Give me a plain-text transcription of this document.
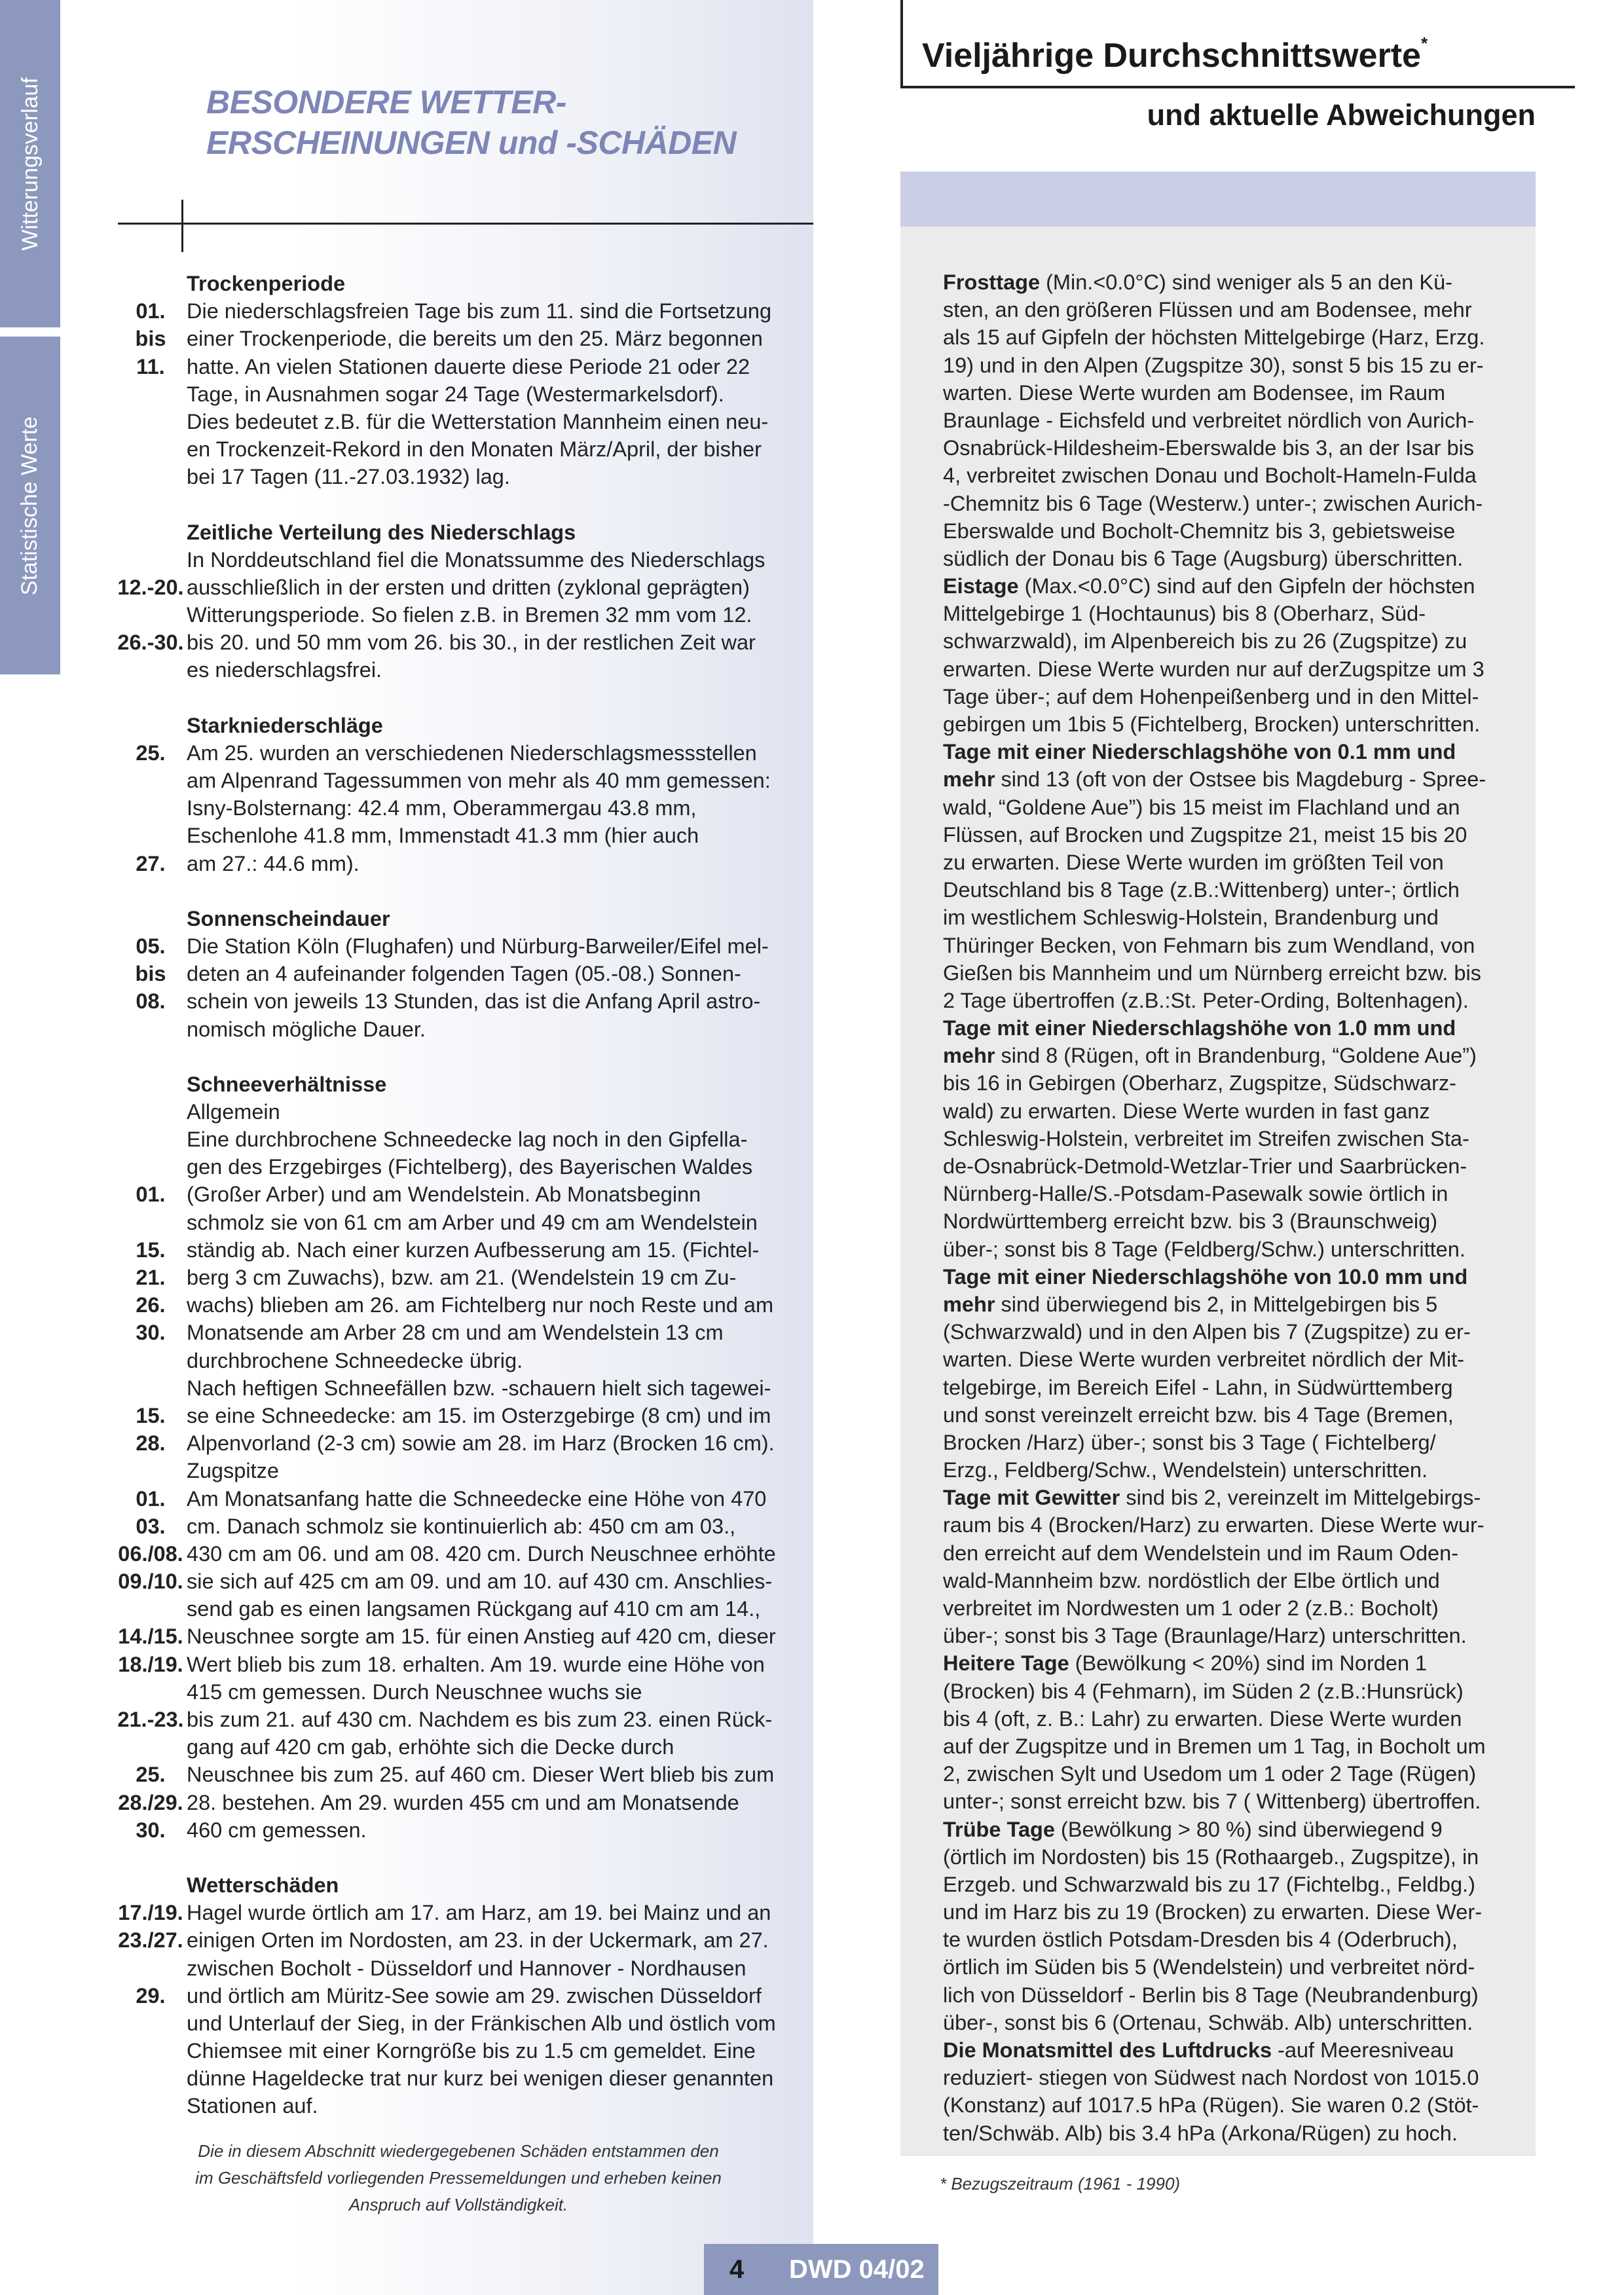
Witterungsverlauf
Statistische Werte
BESONDERE WETTER-
ERSCHEINUNGEN und -SCHÄDEN
Trockenperiode
01. Die niederschlagsfreien Tage bis zum 11. sind die Fortsetzung
bis einer Trockenperiode, die bereits um den 25. März begonnen
11.	hatte. An vielen Stationen dauerte diese Periode 21 oder 22
Tage, in Ausnahmen sogar 24 Tage (Westermarkelsdorf).
Dies bedeutet z.B. für die Wetterstation Mannheim einen neu-
en Trockenzeit-Rekord in den Monaten März/April, der bisher
bei 17 Tagen (11.-27.03.1932) lag.
Zeitliche Verteilung des Niederschlags
In Norddeutschland fiel die Monatssumme des Niederschlags
12.-20. ausschließlich in der ersten und dritten (zyklonal geprägten)
Witterungsperiode. So fielen z.B. in Bremen 32 mm vom 12.
26.-30. bis 20. und 50 mm vom 26. bis 30., in der restlichen Zeit war
es niederschlagsfrei.
Starkniederschläge
25. Am 25. wurden an verschiedenen Niederschlagsmessstellen
am Alpenrand Tagessummen von mehr als 40 mm gemessen:
Isny-Bolsternang: 42.4 mm, Oberammergau 43.8 mm,
Eschenlohe 41.8 mm, Immenstadt 41.3 mm (hier auch
27. am 27.: 44.6 mm).
Sonnenscheindauer
05. Die Station Köln (Flughafen) und Nürburg-Barweiler/Eifel mel-
bis deten an 4 aufeinander folgenden Tagen (05.-08.) Sonnen-
08. schein von jeweils 13 Stunden, das ist die Anfang April astro-
nomisch mögliche Dauer.
Schneeverhältnisse
Allgemein
Eine durchbrochene Schneedecke lag noch in den Gipfella-
gen des Erzgebirges (Fichtelberg), des Bayerischen Waldes
01. (Großer Arber) und am Wendelstein. Ab Monatsbeginn
schmolz sie von 61 cm am Arber und 49 cm am Wendelstein
15. ständig ab. Nach einer kurzen Aufbesserung am 15. (Fichtel-
21. berg 3 cm Zuwachs), bzw. am 21. (Wendelstein 19 cm Zu-
26. wachs) blieben am 26. am Fichtelberg nur noch Reste und am
30. Monatsende am Arber 28 cm und am Wendelstein 13 cm
durchbrochene Schneedecke übrig.
Nach heftigen Schneefällen bzw. -schauern hielt sich tagewei-
15. se eine Schneedecke: am 15. im Osterzgebirge (8 cm) und im
28. Alpenvorland (2-3 cm) sowie am 28. im Harz (Brocken 16 cm).
Zugspitze
01. Am Monatsanfang hatte die Schneedecke eine Höhe von 470
03. cm. Danach schmolz sie kontinuierlich ab: 450 cm am 03.,
06./08. 430 cm am 06. und am 08. 420 cm. Durch Neuschnee erhöhte
09./10. sie sich auf 425 cm am 09. und am 10. auf 430 cm. Anschlies-
send gab es einen langsamen Rückgang auf 410 cm am 14.,
14./15. Neuschnee sorgte am 15. für einen Anstieg auf 420 cm, dieser
18./19. Wert blieb bis zum 18. erhalten. Am 19. wurde eine Höhe von
415 cm gemessen. Durch Neuschnee wuchs sie
21.-23. bis zum 21. auf 430 cm. Nachdem es bis zum 23. einen Rück-
gang auf 420 cm gab, erhöhte sich die Decke durch
25. Neuschnee bis zum 25. auf 460 cm. Dieser Wert blieb bis zum
28./29. 28. bestehen. Am 29. wurden 455 cm und am Monatsende
30. 460 cm gemessen.
Wetterschäden
17./19. Hagel wurde örtlich am 17. am Harz, am 19. bei Mainz und an
23./27. einigen Orten im Nordosten, am 23. in der Uckermark, am 27.
zwischen Bocholt - Düsseldorf und Hannover - Nordhausen
29. und örtlich am Müritz-See sowie am 29. zwischen Düsseldorf
und Unterlauf der Sieg, in der Fränkischen Alb und östlich vom
Chiemsee mit einer Korngröße bis zu 1.5 cm gemeldet. Eine
dünne Hageldecke trat nur kurz bei wenigen dieser genannten
Stationen auf.
Die in diesem Abschnitt wiedergegebenen Schäden entstammen den
im Geschäftsfeld vorliegenden Pressemeldungen und erheben keinen
Anspruch auf Vollständigkeit.
4	DWD 04/02
Vieljährige Durchschnittswerte*
und aktuelle Abweichungen
Frosttage (Min.<0.0°C) sind weniger als 5 an den Kü-
sten, an den größeren Flüssen und am Bodensee, mehr
als 15 auf Gipfeln der höchsten Mittelgebirge (Harz, Erzg.
19) und in den Alpen (Zugspitze 30), sonst 5 bis 15 zu er-
warten. Diese Werte wurden am Bodensee, im Raum
Braunlage - Eichsfeld und verbreitet nördlich von Aurich-
Osnabrück-Hildesheim-Eberswalde bis 3, an der Isar bis
4, verbreitet zwischen Donau und Bocholt-Hameln-Fulda
-Chemnitz bis 6 Tage (Westerw.) unter-; zwischen Aurich-
Eberswalde und Bocholt-Chemnitz bis 3, gebietsweise
südlich der Donau bis 6 Tage (Augsburg) überschritten.
Eistage (Max.<0.0°C) sind auf den Gipfeln der höchsten
Mittelgebirge 1 (Hochtaunus) bis 8 (Oberharz, Süd-
schwarzwald), im Alpenbereich bis zu 26 (Zugspitze) zu
erwarten. Diese Werte wurden nur auf derZugspitze um 3
Tage über-; auf dem Hohenpeißenberg und in den Mittel-
gebirgen um 1bis 5 (Fichtelberg, Brocken) unterschritten.
Tage mit einer Niederschlagshöhe von 0.1 mm und
mehr sind 13 (oft von der Ostsee bis Magdeburg - Spree-
wald, “Goldene Aue”) bis 15 meist im Flachland und an
Flüssen, auf Brocken und Zugspitze 21, meist 15 bis 20
zu erwarten. Diese Werte wurden im größten Teil von
Deutschland bis 8 Tage (z.B.:Wittenberg) unter-; örtlich
im westlichem Schleswig-Holstein, Brandenburg und
Thüringer Becken, von Fehmarn bis zum Wendland, von
Gießen bis Mannheim und um Nürnberg erreicht bzw. bis
2 Tage übertroffen (z.B.:St. Peter-Ording, Boltenhagen).
Tage mit einer Niederschlagshöhe von 1.0 mm und
mehr sind 8 (Rügen, oft in Brandenburg, “Goldene Aue”)
bis 16 in Gebirgen (Oberharz, Zugspitze, Südschwarz-
wald) zu erwarten. Diese Werte wurden in fast ganz
Schleswig-Holstein, verbreitet im Streifen zwischen Sta-
de-Osnabrück-Detmold-Wetzlar-Trier und Saarbrücken-
Nürnberg-Halle/S.-Potsdam-Pasewalk sowie örtlich in
Nordwürttemberg erreicht bzw. bis 3 (Braunschweig)
über-; sonst bis 8 Tage (Feldberg/Schw.) unterschritten.
Tage mit einer Niederschlagshöhe von 10.0 mm und
mehr sind überwiegend bis 2, in Mittelgebirgen bis 5
(Schwarzwald) und in den Alpen bis 7 (Zugspitze) zu er-
warten. Diese Werte wurden verbreitet nördlich der Mit-
telgebirge, im Bereich Eifel - Lahn, in Südwürttemberg
und sonst vereinzelt erreicht bzw. bis 4 Tage (Bremen,
Brocken /Harz) über-; sonst bis 3 Tage ( Fichtelberg/
Erzg., Feldberg/Schw., Wendelstein) unterschritten.
Tage mit Gewitter sind bis 2, vereinzelt im Mittelgebirgs-
raum bis 4 (Brocken/Harz) zu erwarten. Diese Werte wur-
den erreicht auf dem Wendelstein und im Raum Oden-
wald-Mannheim bzw. nordöstlich der Elbe örtlich und
verbreitet im Nordwesten um 1 oder 2 (z.B.: Bocholt)
über-; sonst bis 3 Tage (Braunlage/Harz) unterschritten.
Heitere Tage (Bewölkung < 20%) sind im Norden 1
(Brocken) bis 4 (Fehmarn), im Süden 2 (z.B.:Hunsrück)
bis 4 (oft, z. B.: Lahr) zu erwarten. Diese Werte wurden
auf der Zugspitze und in Bremen um 1 Tag, in Bocholt um
2, zwischen Sylt und Usedom um 1 oder 2 Tage (Rügen)
unter-; sonst erreicht bzw. bis 7 ( Wittenberg) übertroffen.
Trübe Tage (Bewölkung > 80 %) sind überwiegend 9
(örtlich im Nordosten) bis 15 (Rothaargeb., Zugspitze), in
Erzgeb. und Schwarzwald bis zu 17 (Fichtelbg., Feldbg.)
und im Harz bis zu 19 (Brocken) zu erwarten. Diese Wer-
te wurden östlich Potsdam-Dresden bis 4 (Oderbruch),
örtlich im Süden bis 5 (Wendelstein) und verbreitet nörd-
lich von Düsseldorf - Berlin bis 8 Tage (Neubrandenburg)
über-, sonst bis 6 (Ortenau, Schwäb. Alb) unterschritten.
Die Monatsmittel des Luftdrucks -auf Meeresniveau
reduziert- stiegen von Südwest nach Nordost von 1015.0
(Konstanz) auf 1017.5 hPa (Rügen). Sie waren 0.2 (Stöt-
ten/Schwäb. Alb) bis 3.4 hPa (Arkona/Rügen) zu hoch.
* Bezugszeitraum (1961 - 1990)
